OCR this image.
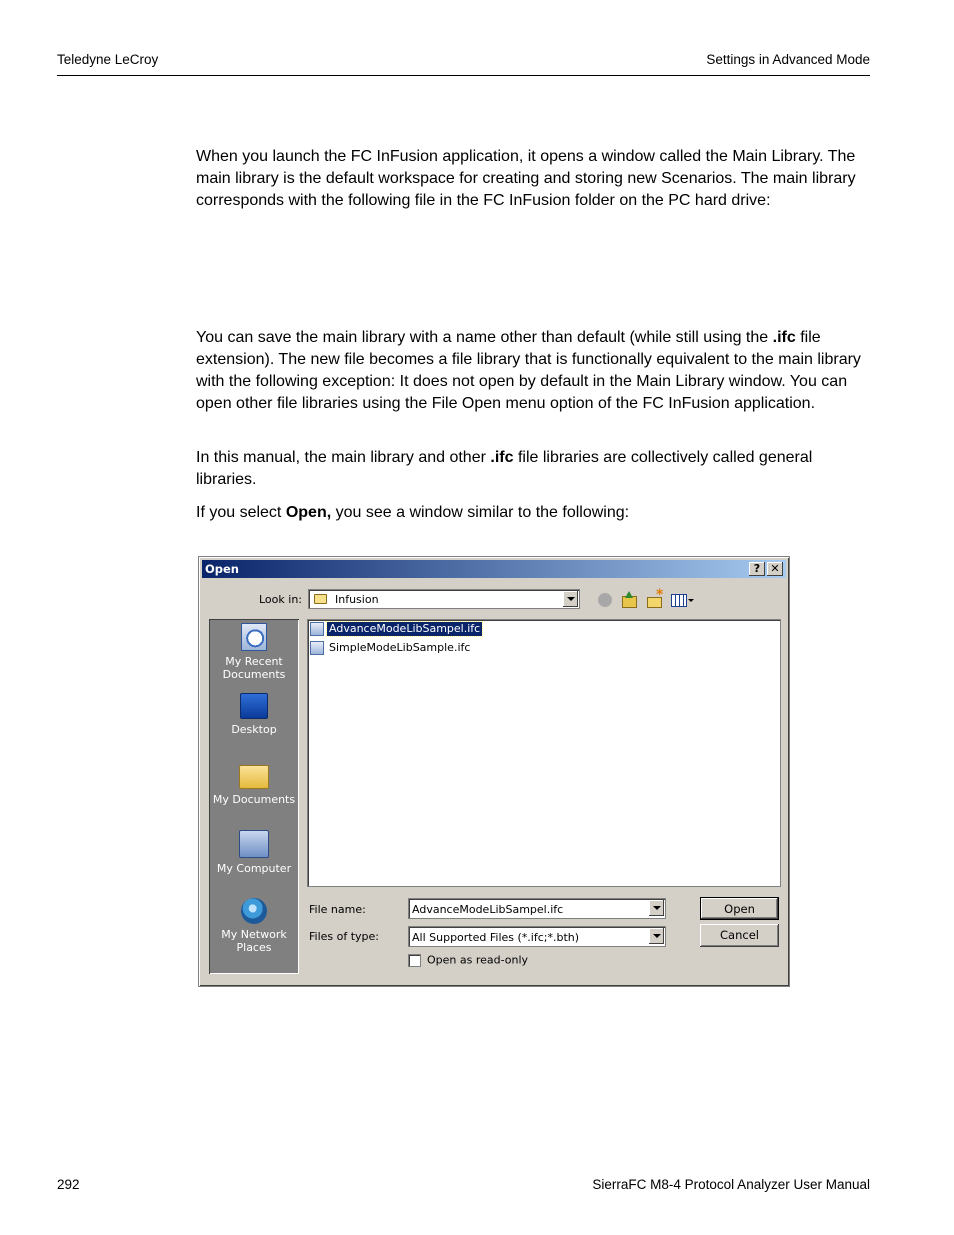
Teledyne LeCroy	Settings in Advanced Mode
When you launch the FC InFusion application, it opens a window called the Main Library. The main library is the default workspace for creating and storing new Scenarios. The main library corresponds with the following file in the FC InFusion folder on the PC hard drive:
You can save the main library with a name other than default (while still using the .ifc file extension). The new file becomes a file library that is functionally equivalent to the main library with the following exception: It does not open by default in the Main Library window. You can open other file libraries using the File Open menu option of the FC InFusion application.
In this manual, the main library and other .ifc file libraries are collectively called general libraries.
If you select Open, you see a window similar to the following:
Open	? ✕
Look in:	Infusion
*
My Recent Documents
Desktop
My Documents
My Computer
My Network Places
AdvanceModeLibSampel.ifc
SimpleModeLibSample.ifc
File name:	AdvanceModeLibSampel.ifc
Files of type:	All Supported Files (*.ifc;*.bth)
Open
Cancel
Open as read-only
292	SierraFC M8-4 Protocol Analyzer User Manual
